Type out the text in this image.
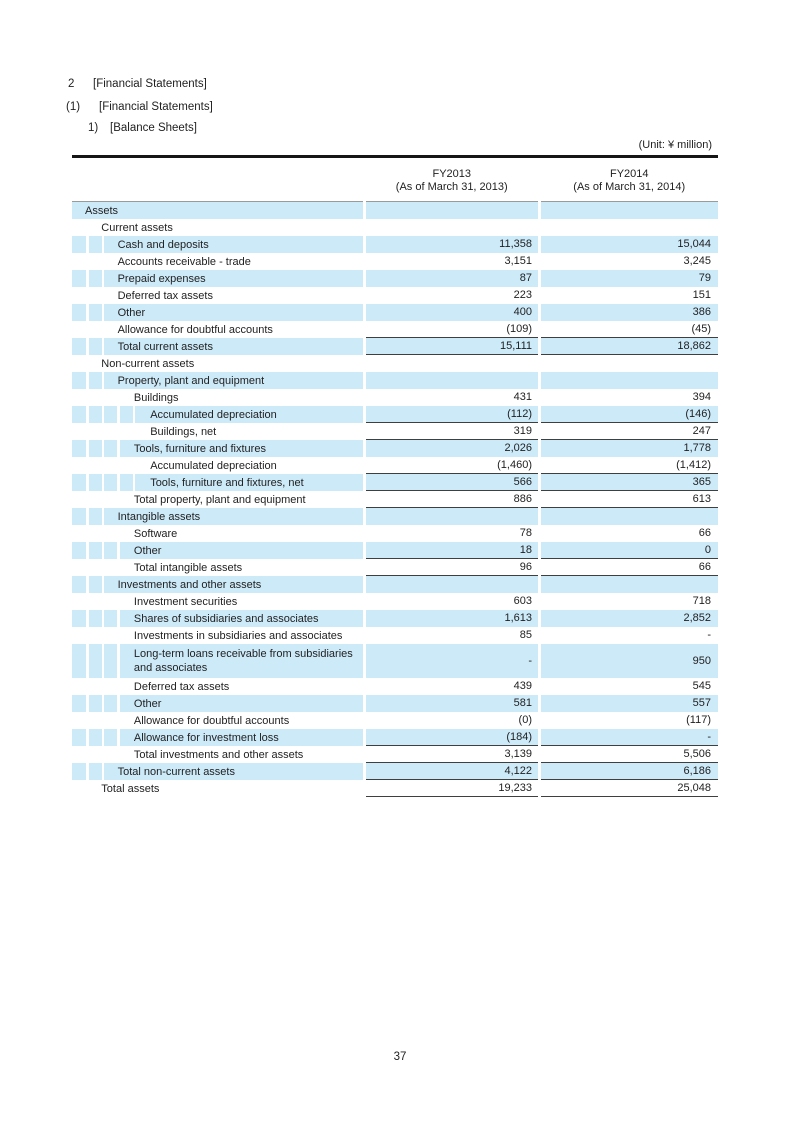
2	[Financial Statements]
(1)	[Financial Statements]
1)	[Balance Sheets]
(Unit: ¥ million)
FY2013
(As of March 31, 2013)
FY2014
(As of March 31, 2014)
Assets
Current assets
Cash and deposits	11,358	15,044
Accounts receivable - trade	3,151	3,245
Prepaid expenses	87	79
Deferred tax assets	223	151
Other	400	386
Allowance for doubtful accounts	(109)	(45)
Total current assets	15,111	18,862
Non-current assets
Property, plant and equipment
Buildings	431	394
Accumulated depreciation	(112)	(146)
Buildings, net	319	247
Tools, furniture and fixtures	2,026	1,778
Accumulated depreciation	(1,460)	(1,412)
Tools, furniture and fixtures, net	566	365
Total property, plant and equipment	886	613
Intangible assets
Software	78	66
Other	18	0
Total intangible assets	96	66
Investments and other assets
Investment securities	603	718
Shares of subsidiaries and associates	1,613	2,852
Investments in subsidiaries and associates	85	-
Long-term loans receivable from subsidiaries and associates
-	950
Deferred tax assets	439	545
Other	581	557
Allowance for doubtful accounts	(0)	(117)
Allowance for investment loss	(184)	-
Total investments and other assets	3,139	5,506
Total non-current assets	4,122	6,186
Total assets	19,233	25,048
37
